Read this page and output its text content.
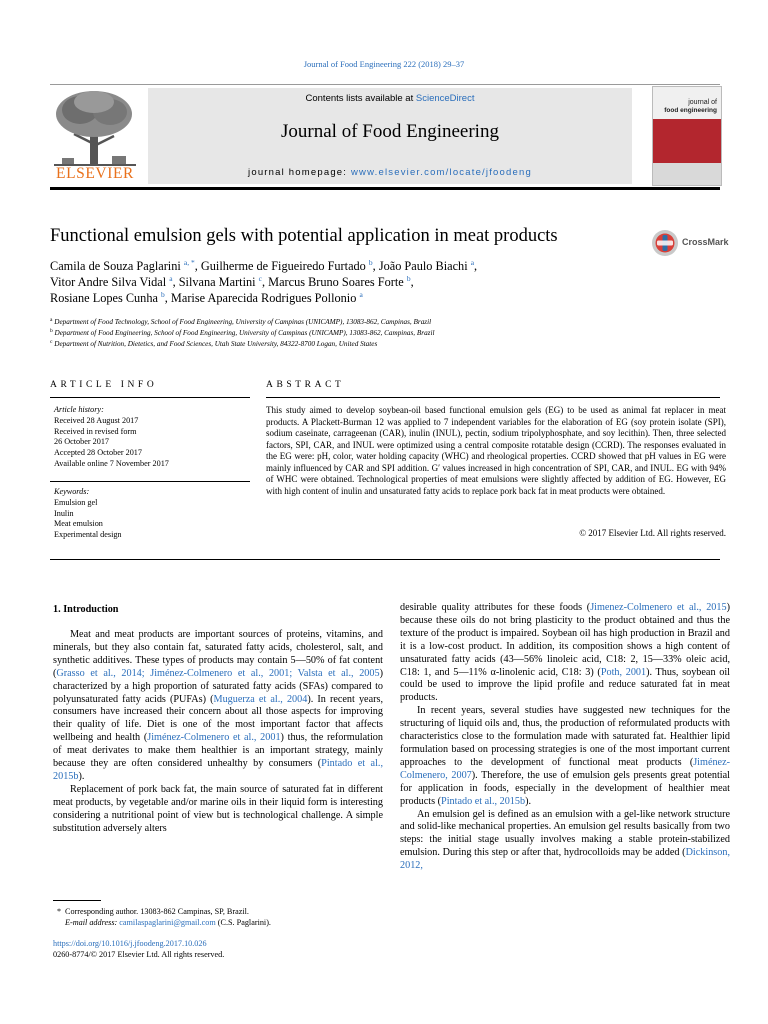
Journal of Food Engineering 222 (2018) 29–37
ELSEVIER
Contents lists available at ScienceDirect
Journal of Food Engineering
journal homepage: www.elsevier.com/locate/jfoodeng
journal of
food engineering
Functional emulsion gels with potential application in meat products	CrossMark
Camila de Souza Paglarini $^{a, *}$, Guilherme de Figueiredo Furtado $^b$, João Paulo Biachi $^a$,
Vitor Andre Silva Vidal $^a$, Silvana Martini $^c$, Marcus Bruno Soares Forte $^b$,
Rosiane Lopes Cunha $^b$, Marise Aparecida Rodrigues Pollonio $^a$
$^a$ Department of Food Technology, School of Food Engineering, University of Campinas (UNICAMP), 13083-862, Campinas, Brazil
$^b$ Department of Food Engineering, School of Food Engineering, University of Campinas (UNICAMP), 13083-862, Campinas, Brazil
$^c$ Department of Nutrition, Dietetics, and Food Sciences, Utah State University, 84322-8700 Logan, United States
ARTICLE INFO	ABSTRACT
Article history:
Received 28 August 2017
Received in revised form
26 October 2017
Accepted 28 October 2017
Available online 7 November 2017
Keywords:
Emulsion gel
Inulin
Meat emulsion
Experimental design
This study aimed to develop soybean-oil based functional emulsion gels (EG) to be used as animal fat replacer in meat products. A Plackett-Burman 12 was applied to 7 independent variables for the elaboration of EG (soy protein isolate (SPI), sodium caseinate, carrageenan (CAR), inulin (INUL), pectin, sodium tripolyphosphate, and soy lecithin). Then, three selected factors, SPI, CAR, and INUL were optimized using a central composite rotatable design (CCRD). The responses evaluated in the EG were: pH, color, water holding capacity (WHC) and rheological properties. CCRD showed that pH values in EG were mainly influenced by CAR and SPI addition. G′ values increased in high concentration of SPI, CAR, and INUL. EG with 94% of WHC were obtained. Technological properties of meat emulsions were slightly affected by addition of EG. However, EG with high content of inulin and unsaturated fatty acids to replace pork back fat in meat products were obtained.
© 2017 Elsevier Ltd. All rights reserved.
1. Introduction

Meat and meat products are important sources of proteins, vitamins, and minerals, but they also contain fat, saturated fatty acids, cholesterol, salt, and synthetic additives. These types of products may contain 5—50% of fat content (Grasso et al., 2014; Jiménez-Colmenero et al., 2001; Valsta et al., 2005) characterized by a high proportion of saturated fatty acids (SFAs) compared to polyunsaturated fatty acids (PUFAs) (Muguerza et al., 2004). In recent years, consumers have increased their concern about all those aspects for improving their quality of life. Diet is one of the most important factor that affects wellbeing and health (Jiménez-Colmenero et al., 2001) thus, the reformulation of meat derivates to make them healthier is an important strategy, mainly because they are often considered unhealthy by consumers (Pintado et al., 2015b).

Replacement of pork back fat, the main source of saturated fat in different meat products, by vegetable and/or marine oils in their liquid form is interesting considering a nutritional point of view but is technological challenge. A simple substitution adversely alters

desirable quality attributes for these foods (Jimenez-Colmenero et al., 2015) because these oils do not bring plasticity to the product obtained and thus the texture of the product is impaired. Soybean oil has high production in Brazil and it is a low-cost product. In addition, its composition shows a high content of unsaturated fatty acids (43—56% linoleic acid, C18: 2, 15—33% oleic acid, C18: 1, and 5—11% α-linolenic acid, C18: 3) (Poth, 2001). Thus, soybean oil could be used to improve the lipid profile and reduce saturated fat in meat products.

In recent years, several studies have suggested new techniques for the structuring of liquid oils and, thus, the production of reformulated products with characteristics close to the formulation made with saturated fat. Healthier lipid formulation based on processing strategies is one of the most important current approaches to the development of functional meat products (Jiménez-Colmenero, 2007). Therefore, the use of emulsion gels presents great potential for application in foods, especially in the development of healthier meat products (Pintado et al., 2015b).

An emulsion gel is defined as an emulsion with a gel-like network structure and solid-like mechanical properties. An emulsion gel results basically from two steps: the initial stage usually involves making a stable protein-stabilized emulsion. During this step or after that, hydrocolloids may be added (Dickinson, 2012,

* Corresponding author. 13083-862 Campinas, SP, Brazil.
E-mail address: camilaspaglarini@gmail.com (C.S. Paglarini).
https://doi.org/10.1016/j.jfoodeng.2017.10.026
0260-8774/© 2017 Elsevier Ltd. All rights reserved.
